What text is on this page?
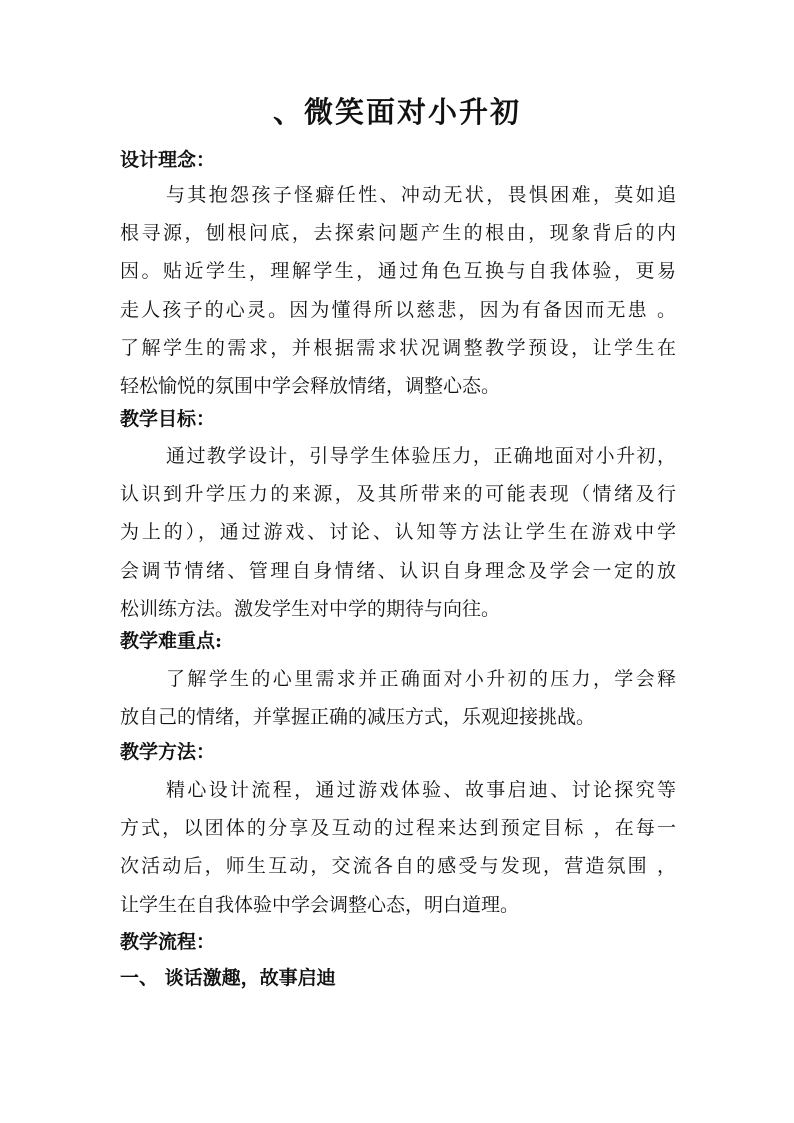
、微笑面对小升初
设计理念：
与其抱怨孩子怪癖任性、冲动无状，畏惧困难，莫如追
根寻源，刨根问底，去探索问题产生的根由，现象背后的内
因。贴近学生，理解学生，通过角色互换与自我体验，更易
走人孩子的心灵。因为懂得所以慈悲，因为有备因而无患 。
了解学生的需求，并根据需求状况调整教学预设，让学生在
轻松愉悦的氛围中学会释放情绪，调整心态。
教学目标：
通过教学设计，引导学生体验压力，正确地面对小升初，
认识到升学压力的来源，及其所带来的可能表现（情绪及行
为上的），通过游戏、讨论、认知等方法让学生在游戏中学
会调节情绪、管理自身情绪、认识自身理念及学会一定的放
松训练方法。激发学生对中学的期待与向往。
教学难重点:
了解学生的心里需求并正确面对小升初的压力，学会释
放自己的情绪，并掌握正确的减压方式，乐观迎接挑战。
教学方法：
精心设计流程，通过游戏体验、故事启迪、讨论探究等
方式，以团体的分享及互动的过程来达到预定目标 ，在每一
次活动后，师生互动，交流各自的感受与发现，营造氛围 ，
让学生在自我体验中学会调整心态，明白道理。
教学流程：
一、 谈话激趣，故事启迪
